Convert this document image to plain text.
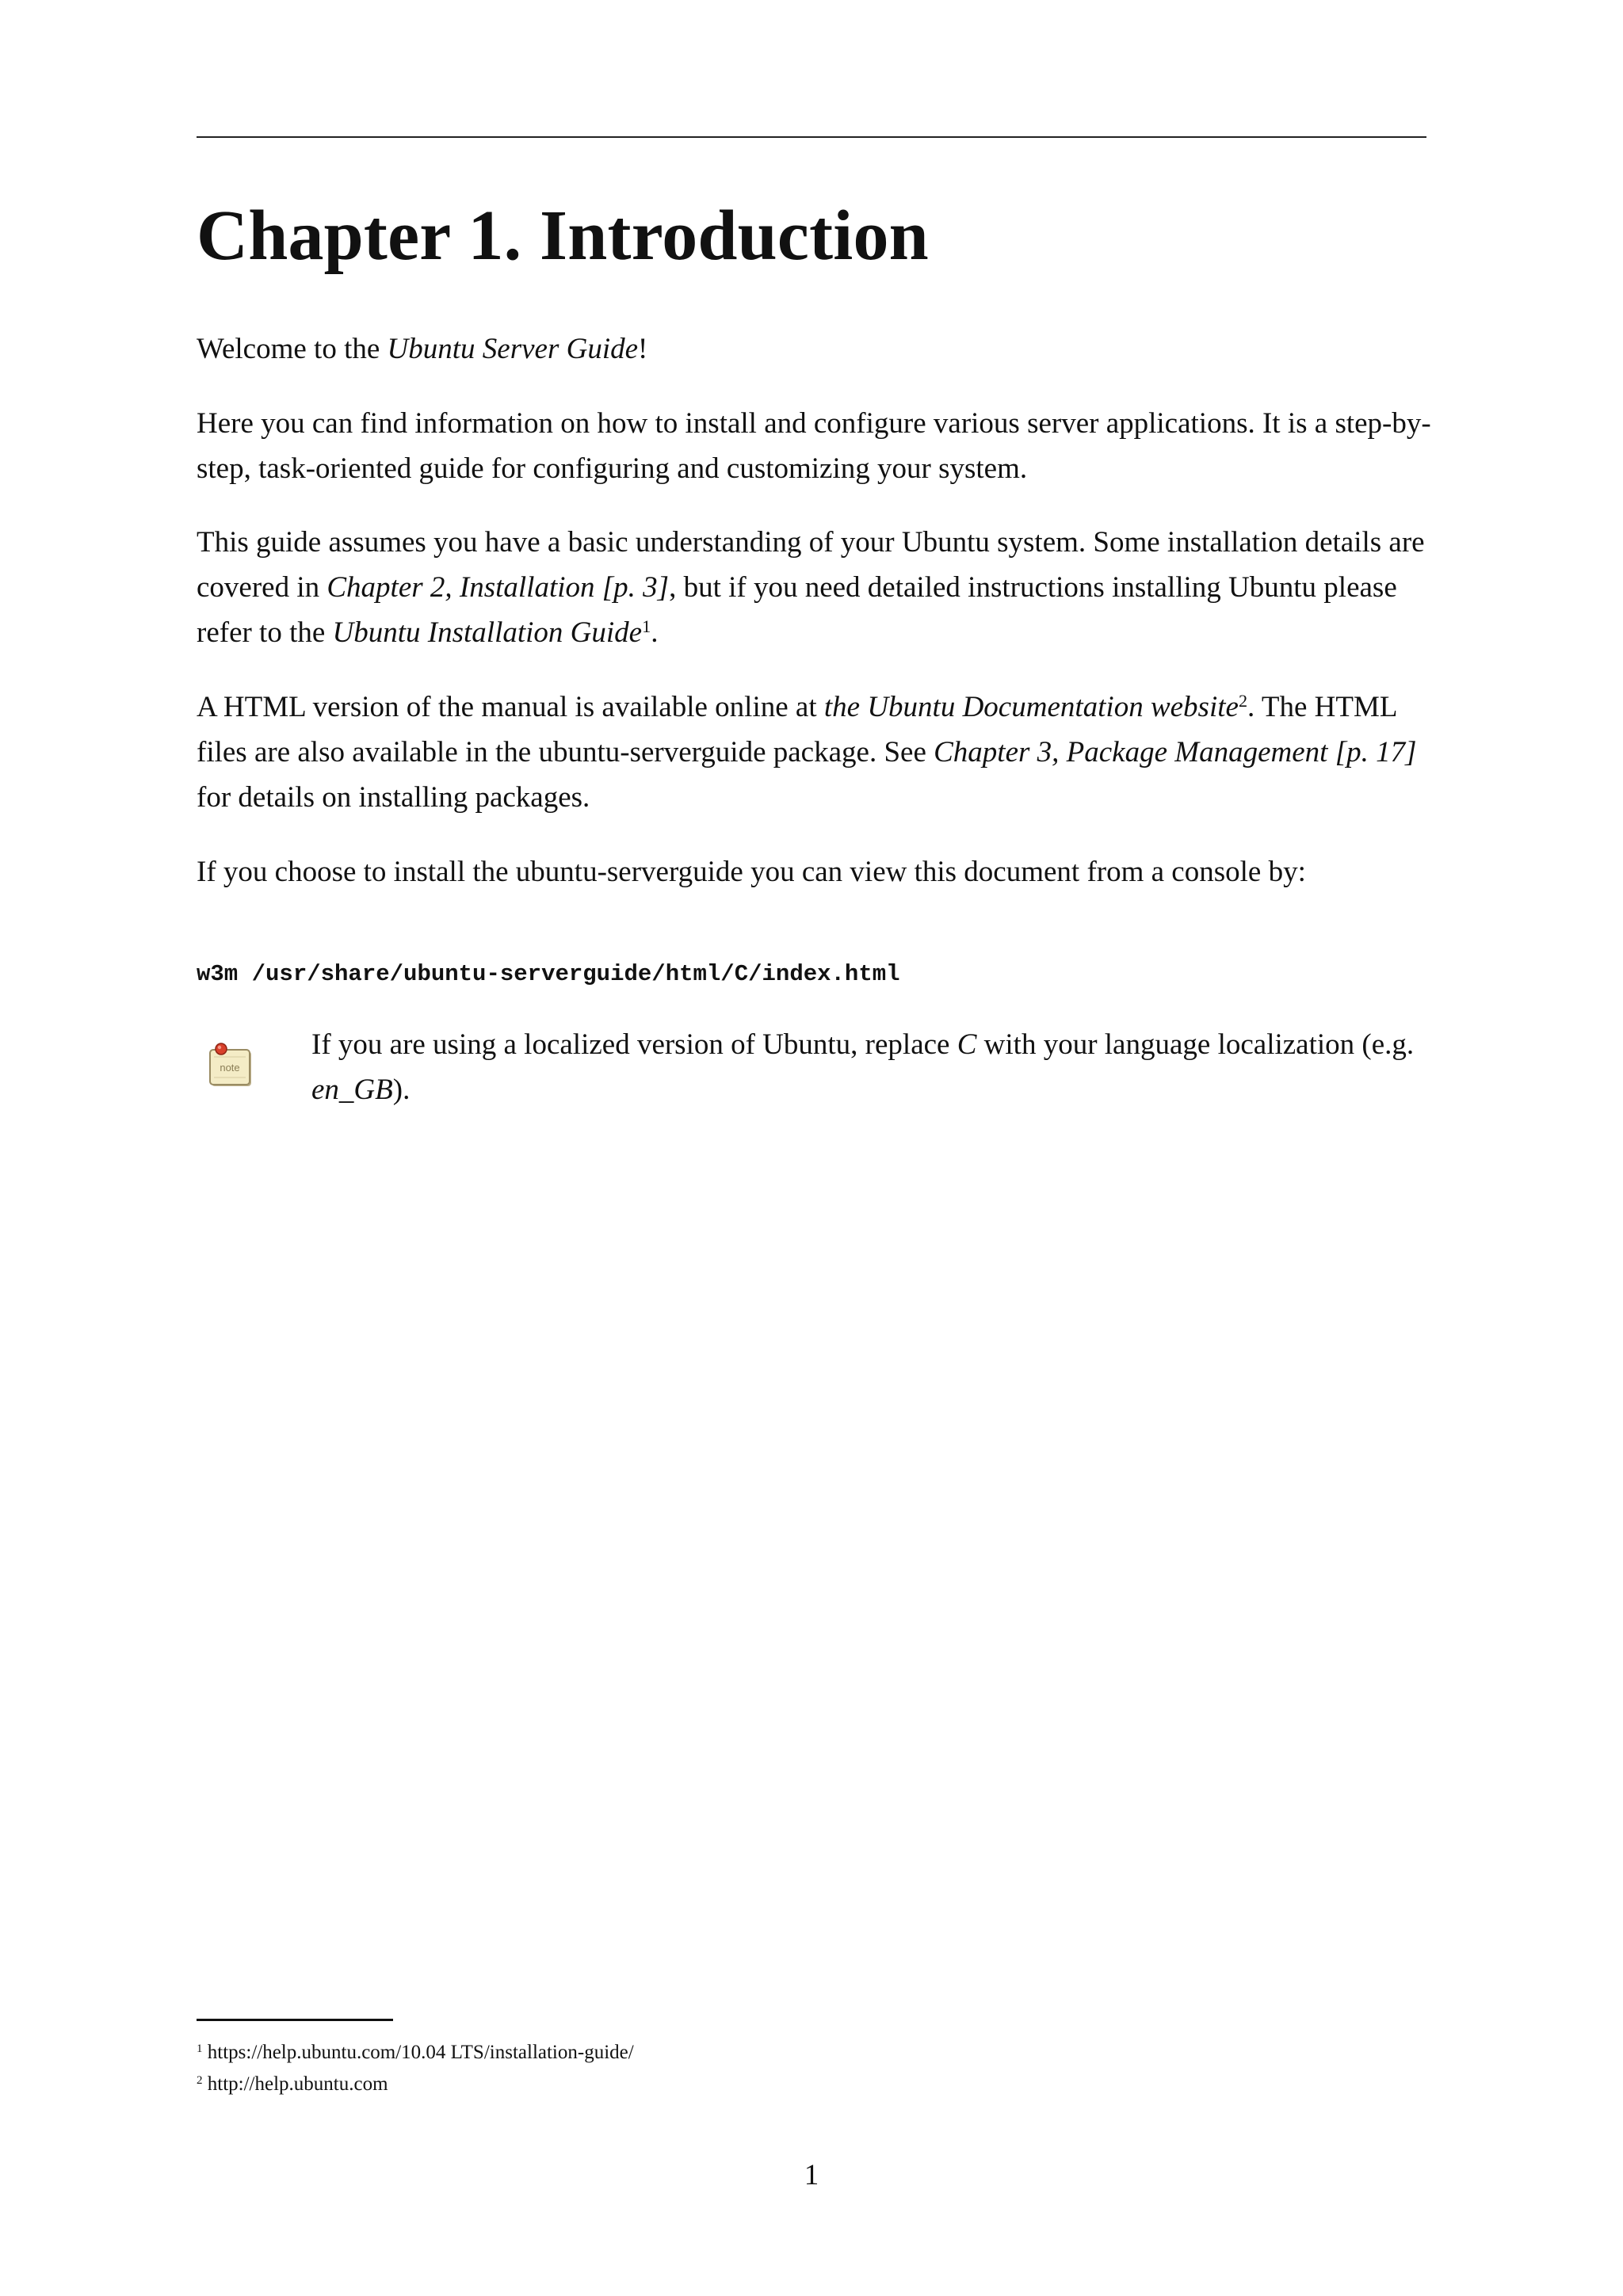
Chapter 1. Introduction

Welcome to the Ubuntu Server Guide!

Here you can find information on how to install and configure various server applications. It is a step-by-step, task-oriented guide for configuring and customizing your system.

This guide assumes you have a basic understanding of your Ubuntu system. Some installation details are covered in Chapter 2, Installation [p. 3], but if you need detailed instructions installing Ubuntu please refer to the Ubuntu Installation Guide$^1$.

A HTML version of the manual is available online at the Ubuntu Documentation website$^2$. The HTML files are also available in the ubuntu-serverguide package. See Chapter 3, Package Management [p. 17] for details on installing packages.

If you choose to install the ubuntu-serverguide you can view this document from a console by:

w3m /usr/share/ubuntu-serverguide/html/C/index.html
note

If you are using a localized version of Ubuntu, replace C with your language localization (e.g. en_GB).

$^1$ https://help.ubuntu.com/10.04 LTS/installation-guide/

$^2$ http://help.ubuntu.com

1
